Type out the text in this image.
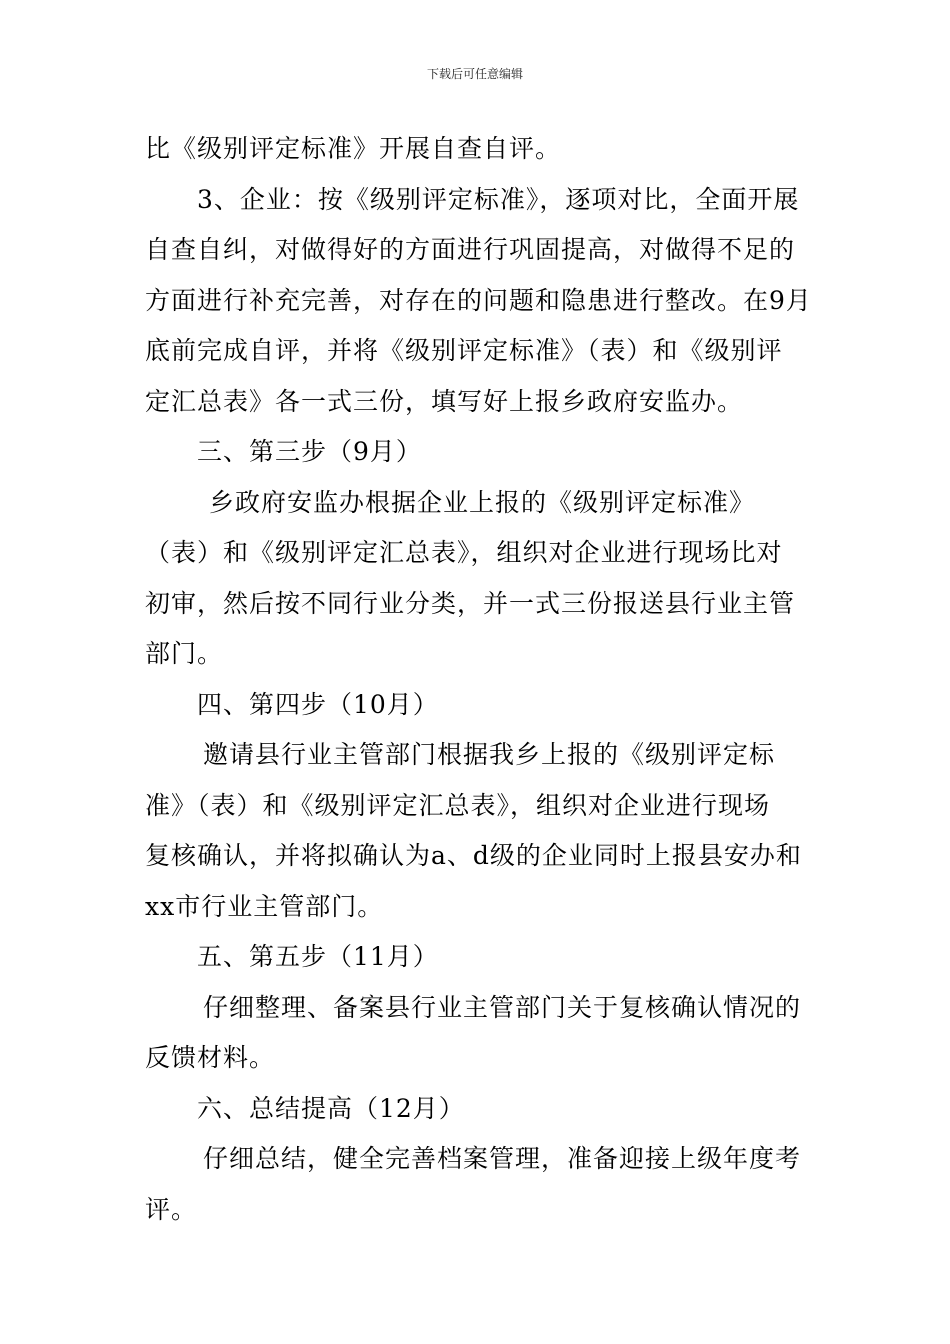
下载后可任意编辑
比《级别评定标准》开展自查自评。
3、企业：按《级别评定标准》，逐项对比，全面开展
自查自纠，对做得好的方面进行巩固提高，对做得不足的
方面进行补充完善，对存在的问题和隐患进行整改。在9月
底前完成自评，并将《级别评定标准》（表）和《级别评
定汇总表》各一式三份，填写好上报乡政府安监办。
三、第三步（9月）
乡政府安监办根据企业上报的《级别评定标准》
（表）和《级别评定汇总表》，组织对企业进行现场比对
初审，然后按不同行业分类，并一式三份报送县行业主管
部门。
四、第四步（10月）
邀请县行业主管部门根据我乡上报的《级别评定标
准》（表）和《级别评定汇总表》，组织对企业进行现场
复核确认，并将拟确认为a、d级的企业同时上报县安办和
xx市行业主管部门。
五、第五步（11月）
仔细整理、备案县行业主管部门关于复核确认情况的
反馈材料。
六、总结提高（12月）
仔细总结，健全完善档案管理，准备迎接上级年度考
评。
